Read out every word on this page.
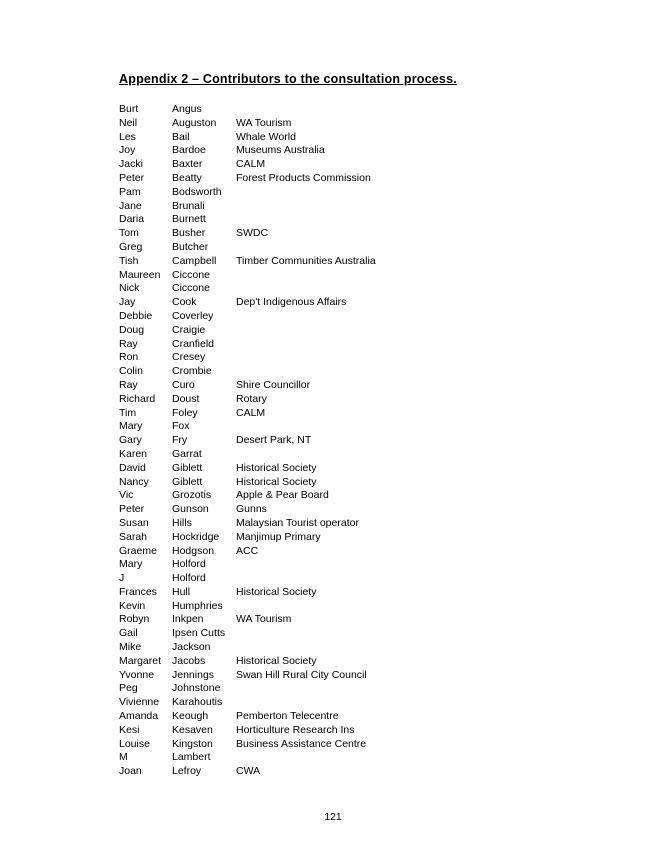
Appendix 2 – Contributors to the consultation process.
Burt	Angus	
Neil	Auguston	WA Tourism
Les	Bail	Whale World
Joy	Bardoe	Museums Australia
Jacki	Baxter	CALM
Peter	Beatty	Forest Products Commission
Pam	Bodsworth	
Jane	Brunali	
Daria	Burnett	
Tom	Busher	SWDC
Greg	Butcher	
Tish	Campbell	Timber Communities Australia
Maureen	Ciccone	
Nick	Ciccone	
Jay	Cook	Dep't Indigenous Affairs
Debbie	Coverley	
Doug	Craigie	
Ray	Cranfield	
Ron	Cresey	
Colin	Crombie	
Ray	Curo	Shire Councillor
Richard	Doust	Rotary
Tim	Foley	CALM
Mary	Fox	
Gary	Fry	Desert Park, NT
Karen	Garrat	
David	Giblett	Historical Society
Nancy	Giblett	Historical Society
Vic	Grozotis	Apple & Pear Board
Peter	Gunson	Gunns
Susan	Hills	Malaysian Tourist operator
Sarah	Hockridge	Manjimup Primary
Graeme	Hodgson	ACC
Mary	Holford	
J	Holford	
Frances	Hull	Historical Society
Kevin	Humphries	
Robyn	Inkpen	WA Tourism
Gail	Ipsen Cutts	
Mike	Jackson	
Margaret	Jacobs	Historical Society
Yvonne	Jennings	Swan Hill Rural City Council
Peg	Johnstone	
Vivienne	Karahoutis	
Amanda	Keough	Pemberton Telecentre
Kesi	Kesaven	Horticulture Research Ins
Louise	Kingston	Business Assistance Centre
M	Lambert	
Joan	Lefroy	CWA
121
